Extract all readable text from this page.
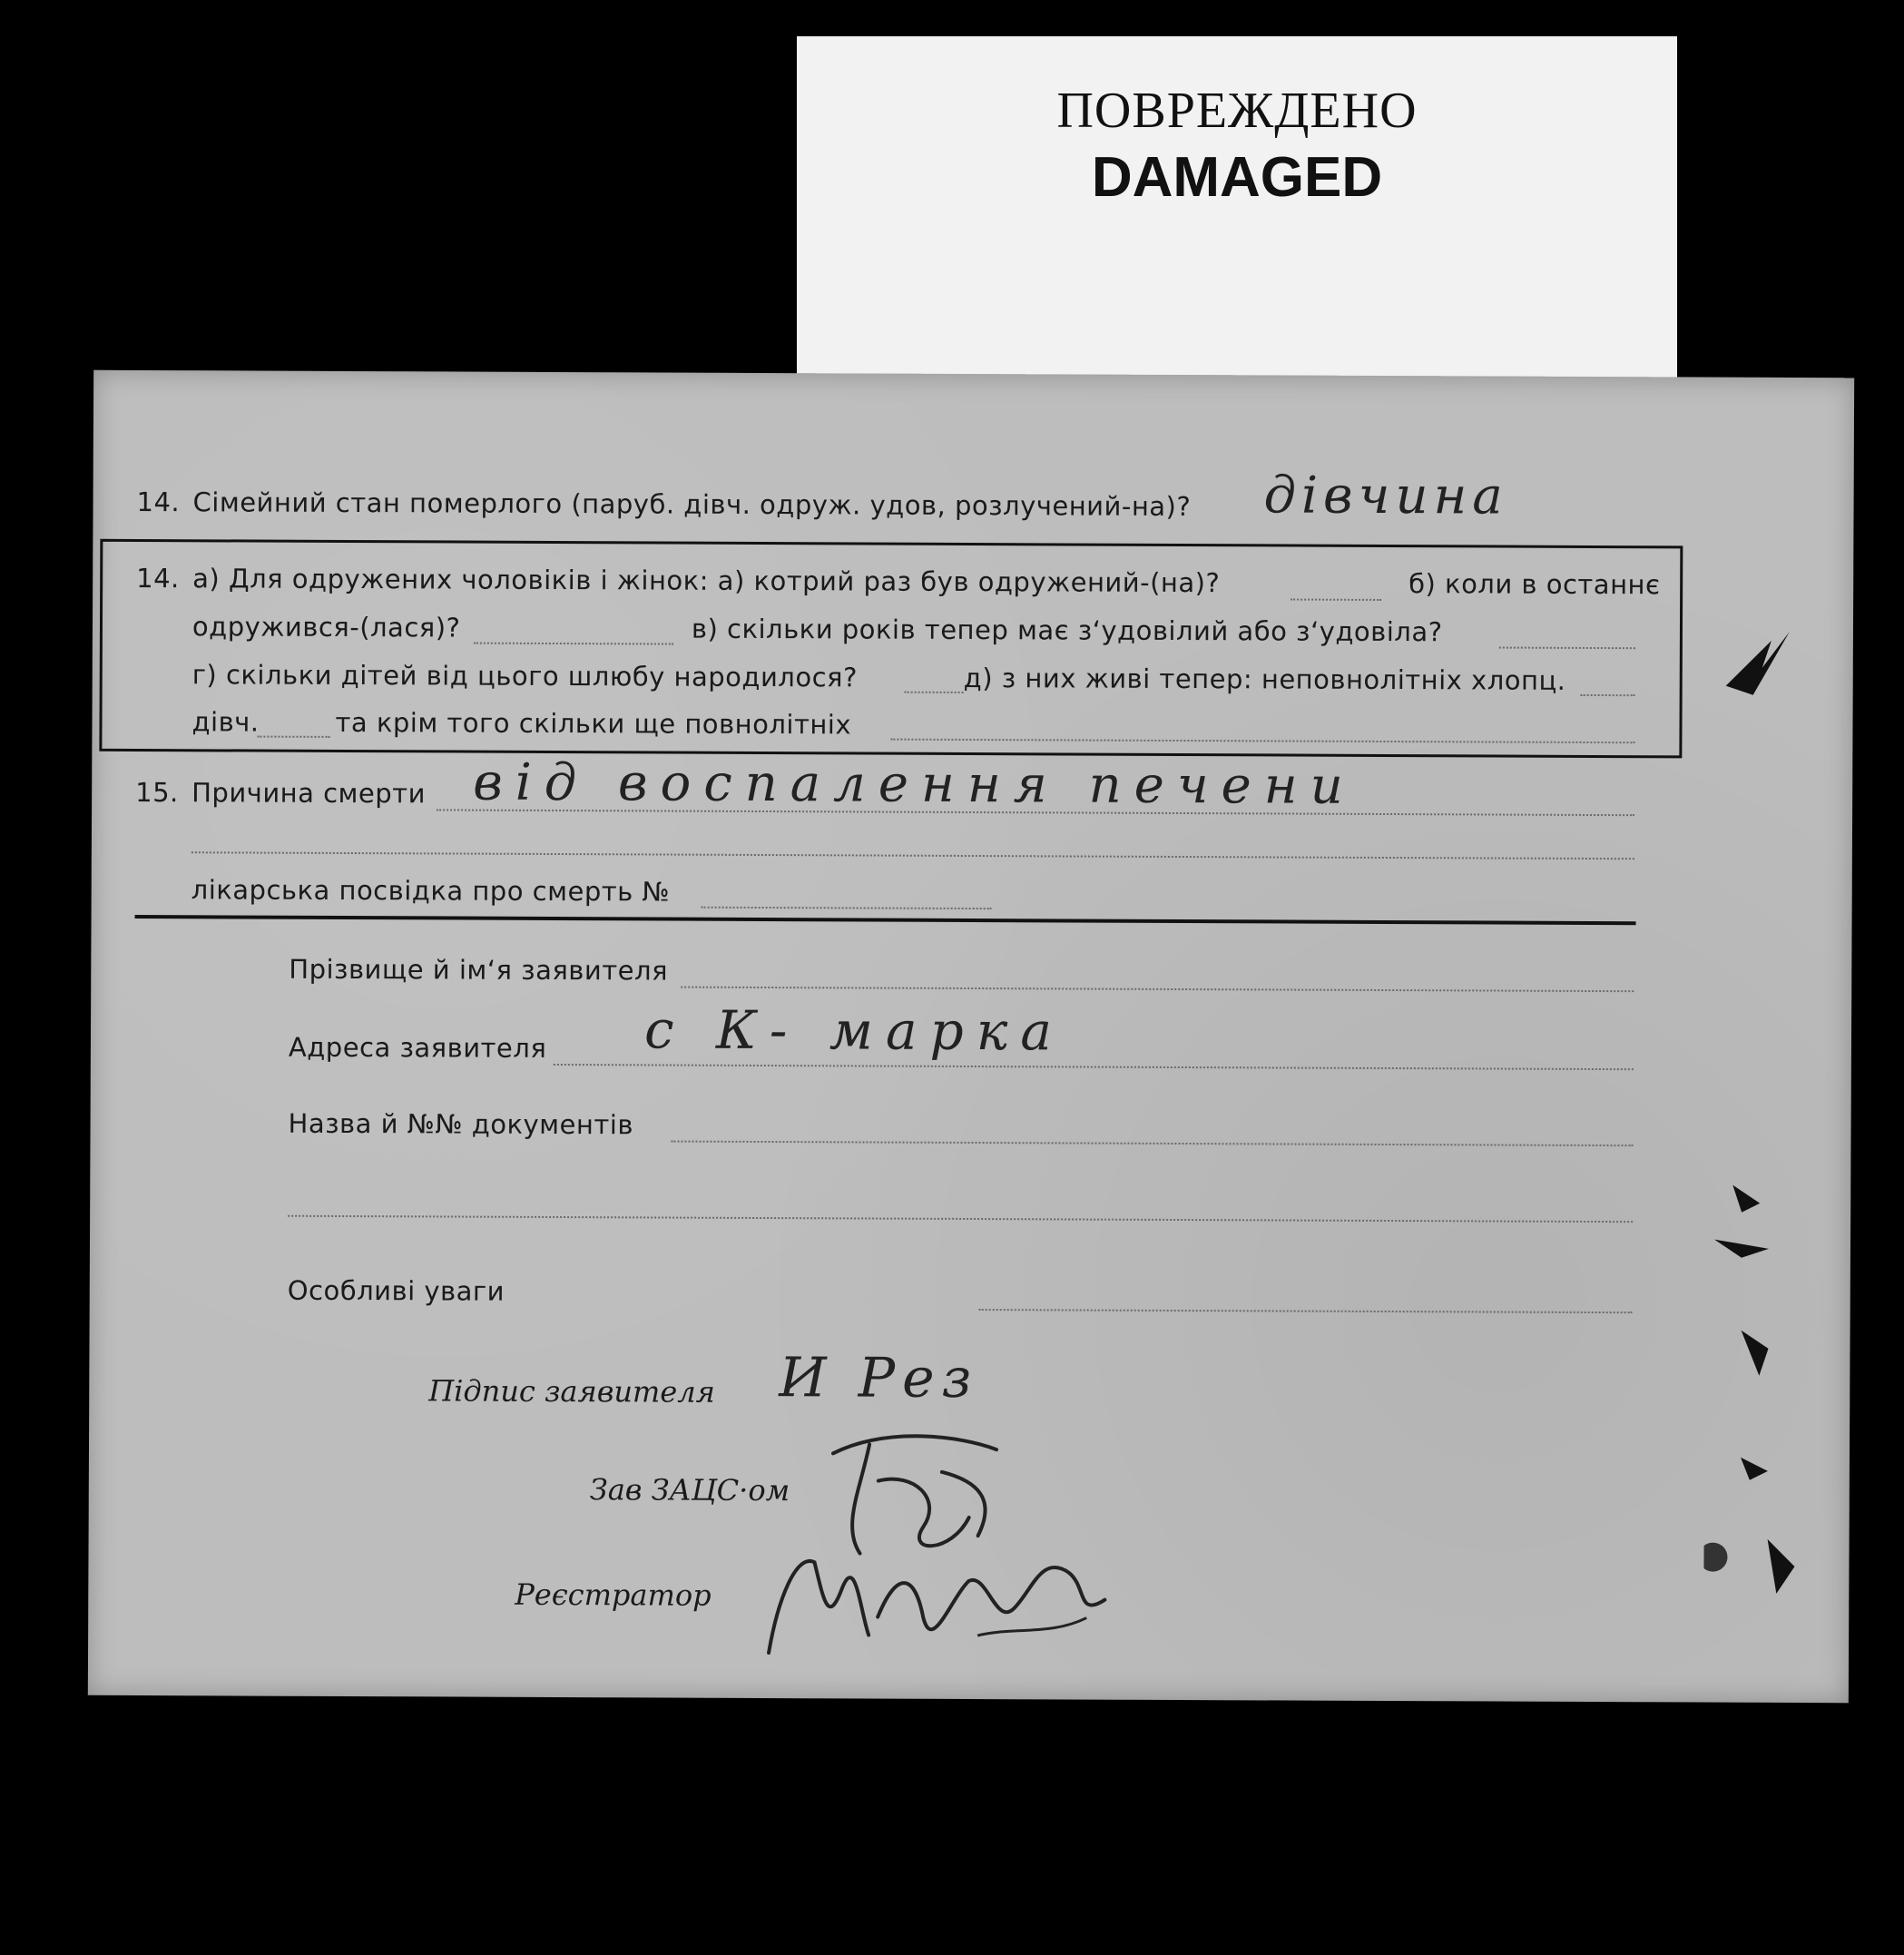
ПОВРЕЖДЕНО
DAMAGED
14. Сімейний стан померлого (паруб. дівч. одруж. удов, розлучений-на)? дівчина
14. а) Для одружених чоловіків і жінок: а) котрий раз був одружений-(на)?	б) коли в останнє
одружився-(лася)?	в) скільки років тепер має з‘удовілий або з‘удовіла?
г) скільки дітей від цього шлюбу народилося?	д) з них живі тепер: неповнолітніх хлопц.
дівч.	та крім того скільки ще повнолітніх
15. Причина смерти від воспалення печени
лікарська посвідка про смерть №
Прізвище й ім‘я заявителя
Адреса заявителя с К- марка
Назва й №№ документів
Особливі уваги
Підпис заявителя И Рез
Зав ЗАЦС·ом
Реєстратор
